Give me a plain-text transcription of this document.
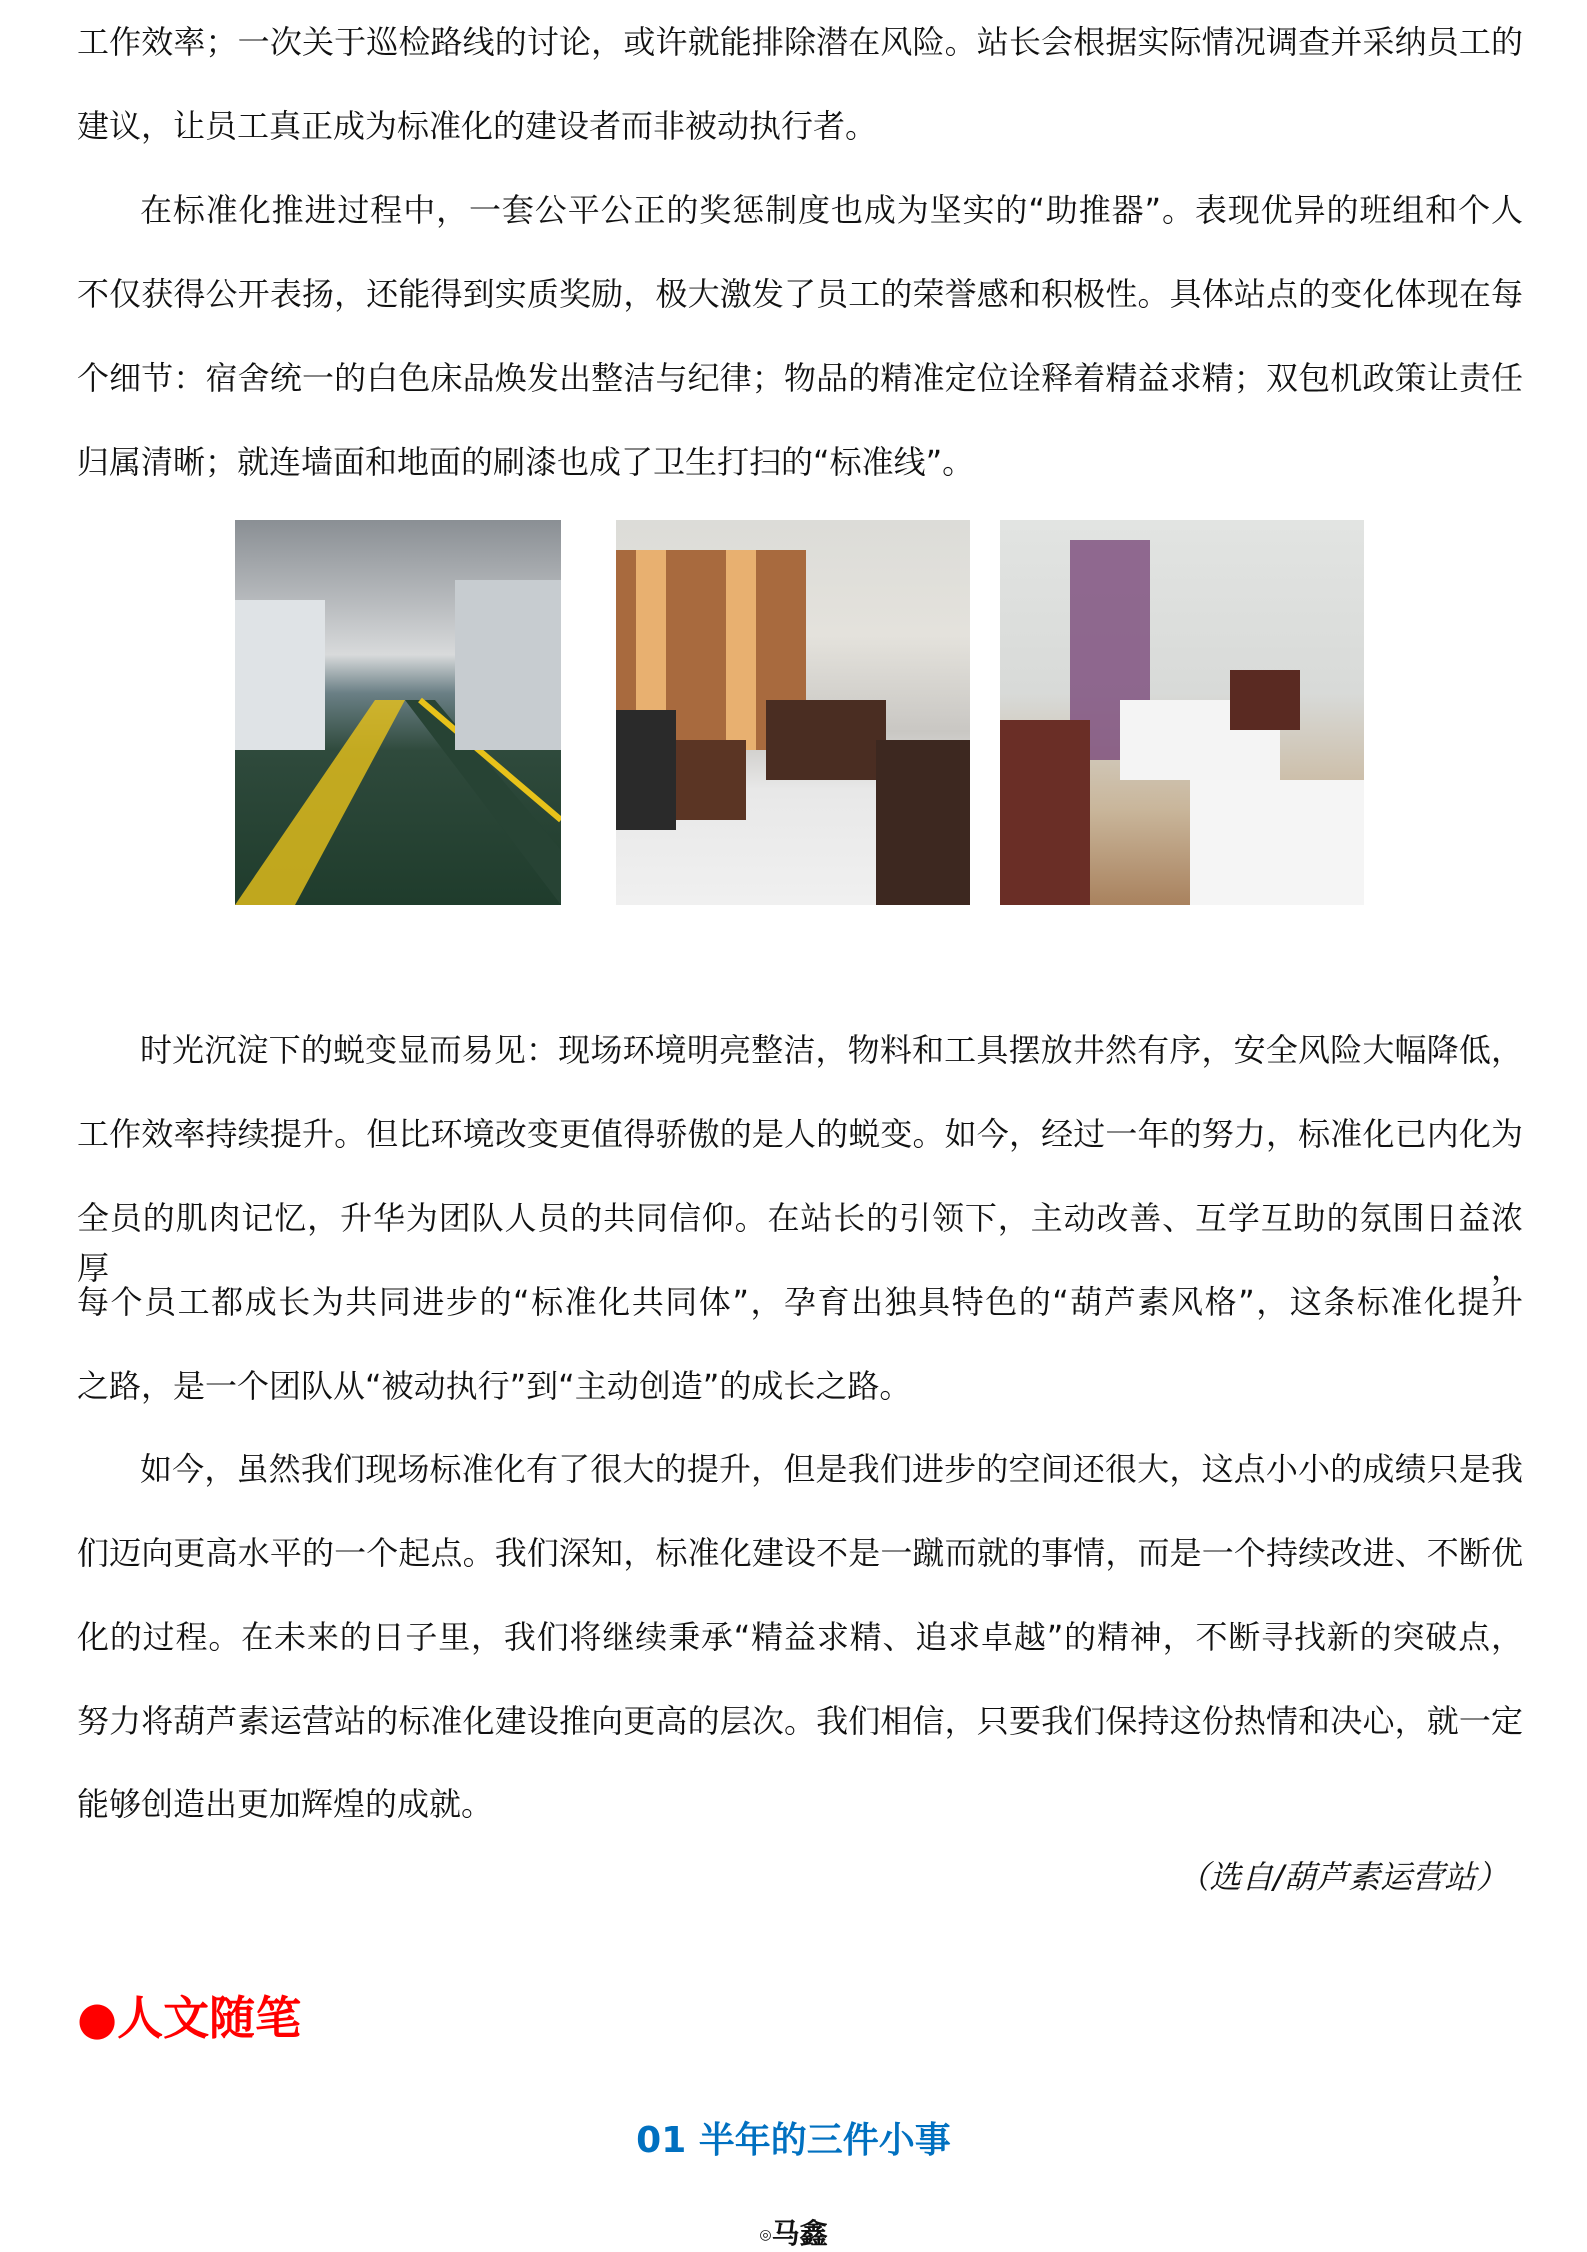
工作效率；一次关于巡检路线的讨论，或许就能排除潜在风险。站长会根据实际情况调查并采纳员工的
建议，让员工真正成为标准化的建设者而非被动执行者。
在标准化推进过程中，一套公平公正的奖惩制度也成为坚实的“助推器”。表现优异的班组和个人
不仅获得公开表扬，还能得到实质奖励，极大激发了员工的荣誉感和积极性。具体站点的变化体现在每
个细节：宿舍统一的白色床品焕发出整洁与纪律；物品的精准定位诠释着精益求精；双包机政策让责任
归属清晰；就连墙面和地面的刷漆也成了卫生打扫的“标准线”。
时光沉淀下的蜕变显而易见：现场环境明亮整洁，物料和工具摆放井然有序，安全风险大幅降低，
工作效率持续提升。但比环境改变更值得骄傲的是人的蜕变。如今，经过一年的努力，标准化已内化为
全员的肌肉记忆，升华为团队人员的共同信仰。在站长的引领下，主动改善、互学互助的氛围日益浓厚，
每个员工都成长为共同进步的“标准化共同体”，孕育出独具特色的“葫芦素风格”，这条标准化提升
之路，是一个团队从“被动执行”到“主动创造”的成长之路。
如今，虽然我们现场标准化有了很大的提升，但是我们进步的空间还很大，这点小小的成绩只是我
们迈向更高水平的一个起点。我们深知，标准化建设不是一蹴而就的事情，而是一个持续改进、不断优
化的过程。在未来的日子里，我们将继续秉承“精益求精、追求卓越”的精神，不断寻找新的突破点，
努力将葫芦素运营站的标准化建设推向更高的层次。我们相信，只要我们保持这份热情和决心，就一定
能够创造出更加辉煌的成就。
（选自/葫芦素运营站）
●人文随笔
01 半年的三件小事
◎马鑫
